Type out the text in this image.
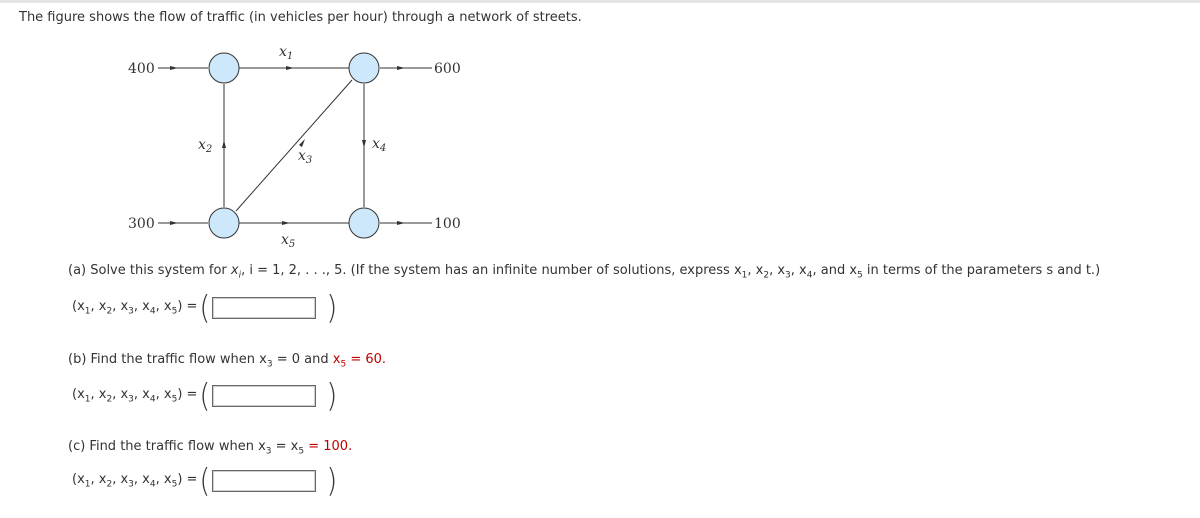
The figure shows the flow of traffic (in vehicles per hour) through a network of streets.
400	600
300	100
$x_1$
$x_2$	$x_3$
$x_4$
$x_5$
(a) Solve this system for $x_i$, i = 1, 2, . . ., 5. (If the system has an infinite number of solutions, express $x_1$, $x_2$, $x_3$, $x_4$, and $x_5$ in terms of the parameters s and t.)
($x_1$, $x_2$, $x_3$, $x_4$, $x_5$) = (	)
(b) Find the traffic flow when $x_3 = 0$ and $x_5 = 60$.
($x_1$, $x_2$, $x_3$, $x_4$, $x_5$) = (	)
(c) Find the traffic flow when $x_3 = x_5 = 100$.
($x_1$, $x_2$, $x_3$, $x_4$, $x_5$) = (	)
